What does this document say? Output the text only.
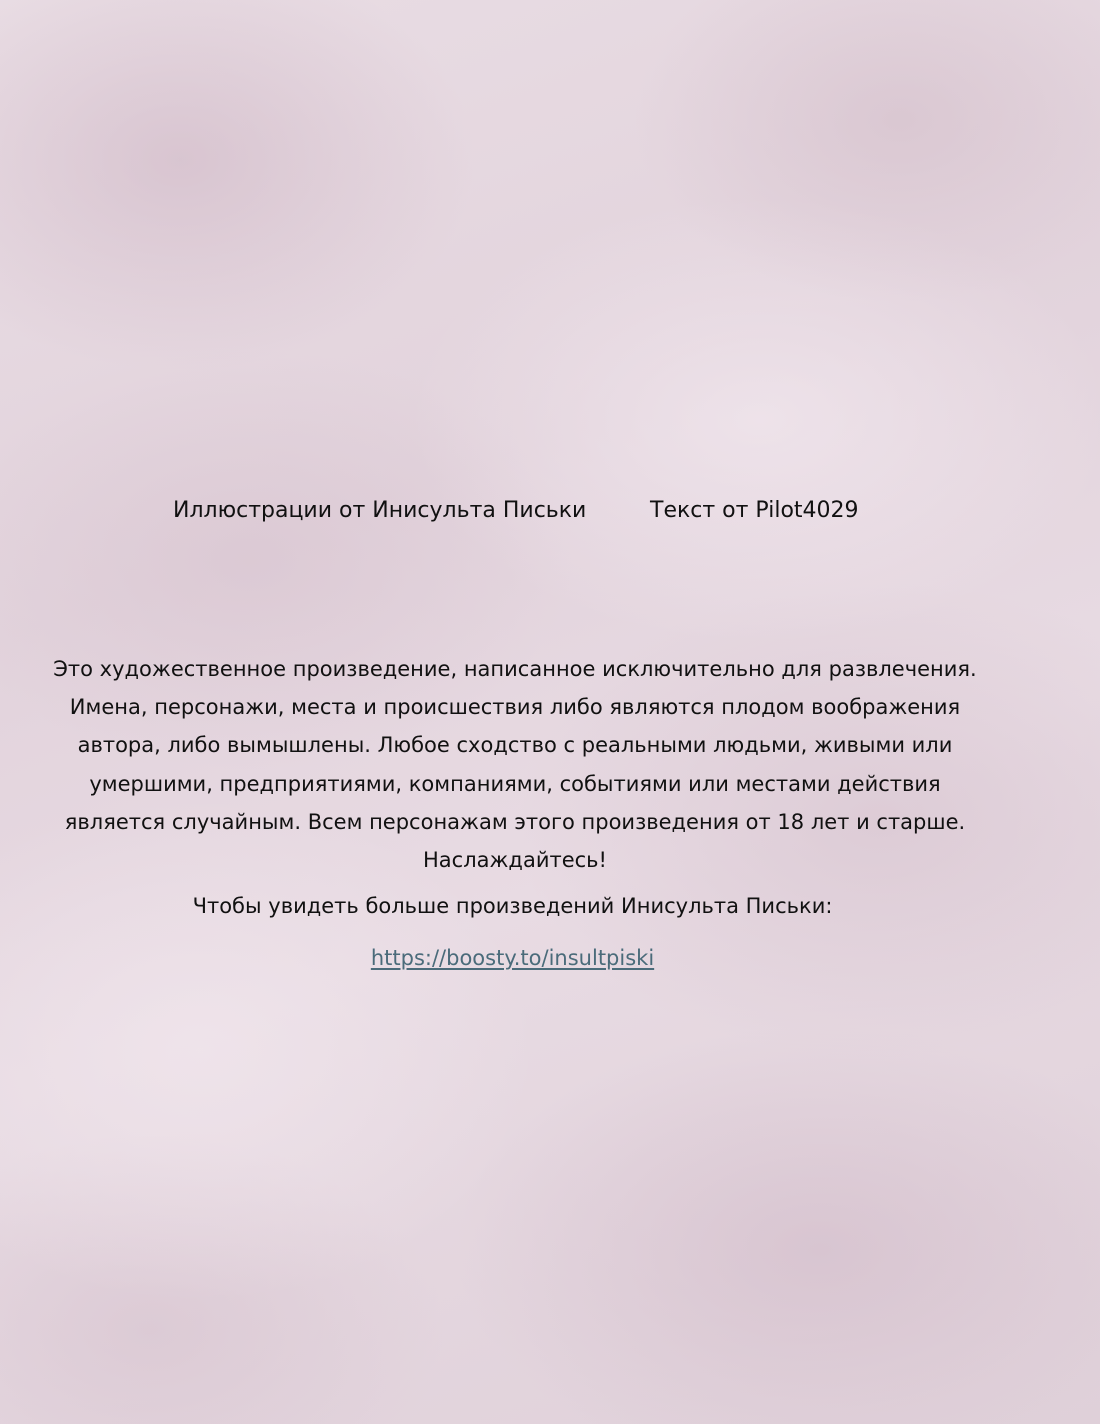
Иллюстрации от Инисульта Письки	Текст от Pilot4029
Это художественное произведение, написанное исключительно для развлечения.
Имена, персонажи, места и происшествия либо являются плодом воображения
автора, либо вымышлены. Любое сходство с реальными людьми, живыми или
умершими, предприятиями, компаниями, событиями или местами действия
является случайным. Всем персонажам этого произведения от 18 лет и старше.
Наслаждайтесь!
Чтобы увидеть больше произведений Инисульта Письки:
https://boosty.to/insultpiski
